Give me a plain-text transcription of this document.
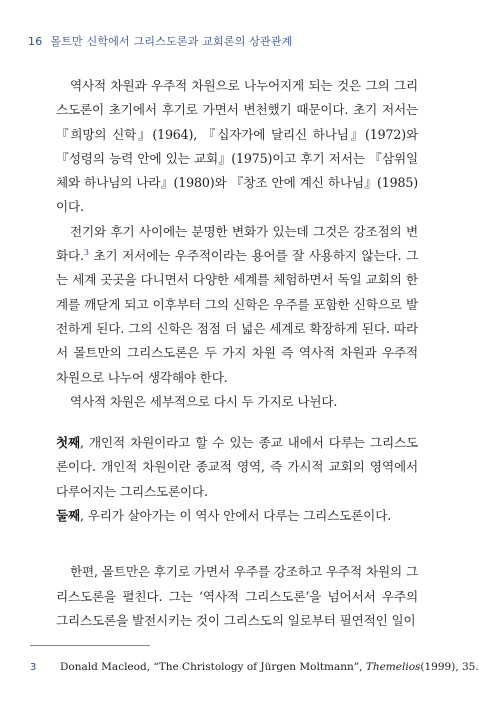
16 몰트만 신학에서 그리스도론과 교회론의 상관관계

역사적 차원과 우주적 차원으로 나누어지게 되는 것은 그의 그리스도론이 초기에서 후기로 가면서 변천했기 때문이다. 초기 저서는 『희망의 신학』(1964), 『십자가에 달리신 하나님』(1972)와 『성령의 능력 안에 있는 교회』(1975)이고 후기 저서는 『삼위일체와 하나님의 나라』(1980)와 『창조 안에 계신 하나님』(1985)이다.

전기와 후기 사이에는 분명한 변화가 있는데 그것은 강조점의 변화다.$^3$ 초기 저서에는 우주적이라는 용어를 잘 사용하지 않는다. 그는 세계 곳곳을 다니면서 다양한 세계를 체험하면서 독일 교회의 한계를 깨닫게 되고 이후부터 그의 신학은 우주를 포함한 신학으로 발전하게 된다. 그의 신학은 점점 더 넓은 세계로 확장하게 된다. 따라서 몰트만의 그리스도론은 두 가지 차원 즉 역사적 차원과 우주적 차원으로 나누어 생각해야 한다.

역사적 차원은 세부적으로 다시 두 가지로 나뉜다.

첫째, 개인적 차원이라고 할 수 있는 종교 내에서 다루는 그리스도론이다. 개인적 차원이란 종교적 영역, 즉 가시적 교회의 영역에서 다루어지는 그리스도론이다.

둘째, 우리가 살아가는 이 역사 안에서 다루는 그리스도론이다.

한편, 몰트만은 후기로 가면서 우주를 강조하고 우주적 차원의 그리스도론을 펼친다. 그는 ‘역사적 그리스도론’을 넘어서서 우주의 그리스도론을 발전시키는 것이 그리스도의 일로부터 필연적인 일이

3 Donald Macleod, “The Christology of Jürgen Moltmann”, Themelios(1999), 35.
